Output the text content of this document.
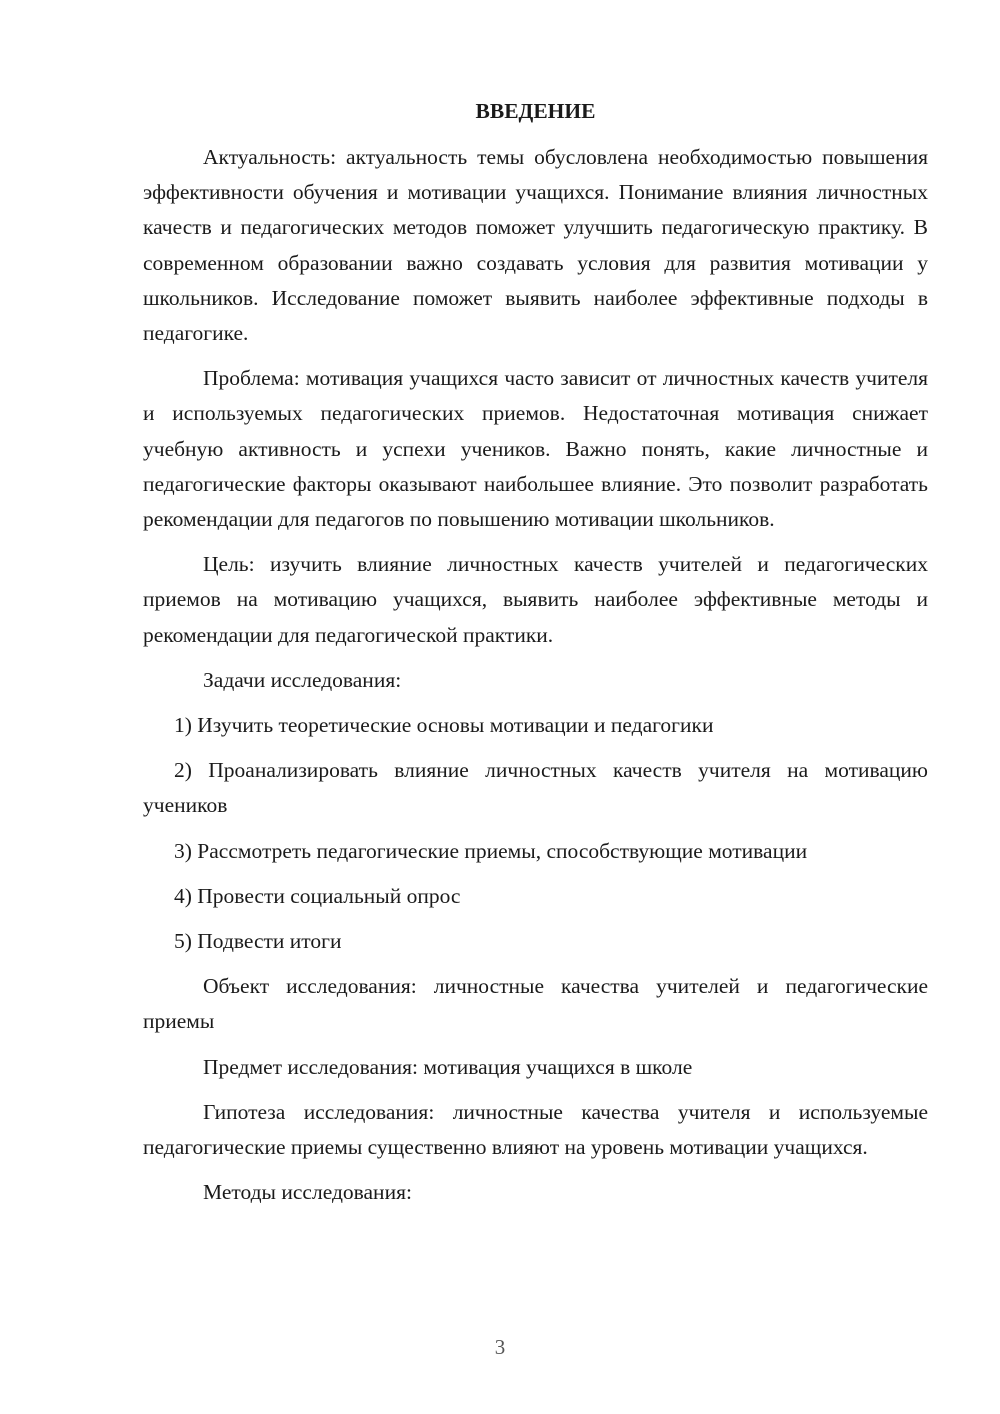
ВВЕДЕНИЕ

Актуальность: актуальность темы обусловлена необходимостью повышения эффективности обучения и мотивации учащихся. Понимание влияния личностных качеств и педагогических методов поможет улучшить педагогическую практику. В современном образовании важно создавать условия для развития мотивации у школьников. Исследование поможет выявить наиболее эффективные подходы в педагогике.

Проблема: мотивация учащихся часто зависит от личностных качеств учителя и используемых педагогических приемов. Недостаточная мотивация снижает учебную активность и успехи учеников. Важно понять, какие личностные и педагогические факторы оказывают наибольшее влияние. Это позволит разработать рекомендации для педагогов по повышению мотивации школьников.

Цель: изучить влияние личностных качеств учителей и педагогических приемов на мотивацию учащихся, выявить наиболее эффективные методы и рекомендации для педагогической практики.

Задачи исследования:

1) Изучить теоретические основы мотивации и педагогики

2) Проанализировать влияние личностных качеств учителя на мотивацию учеников

3) Рассмотреть педагогические приемы, способствующие мотивации

4) Провести социальный опрос

5) Подвести итоги

Объект исследования: личностные качества учителей и педагогические приемы

Предмет исследования: мотивация учащихся в школе

Гипотеза исследования: личностные качества учителя и используемые педагогические приемы существенно влияют на уровень мотивации учащихся.

Методы исследования:

3
